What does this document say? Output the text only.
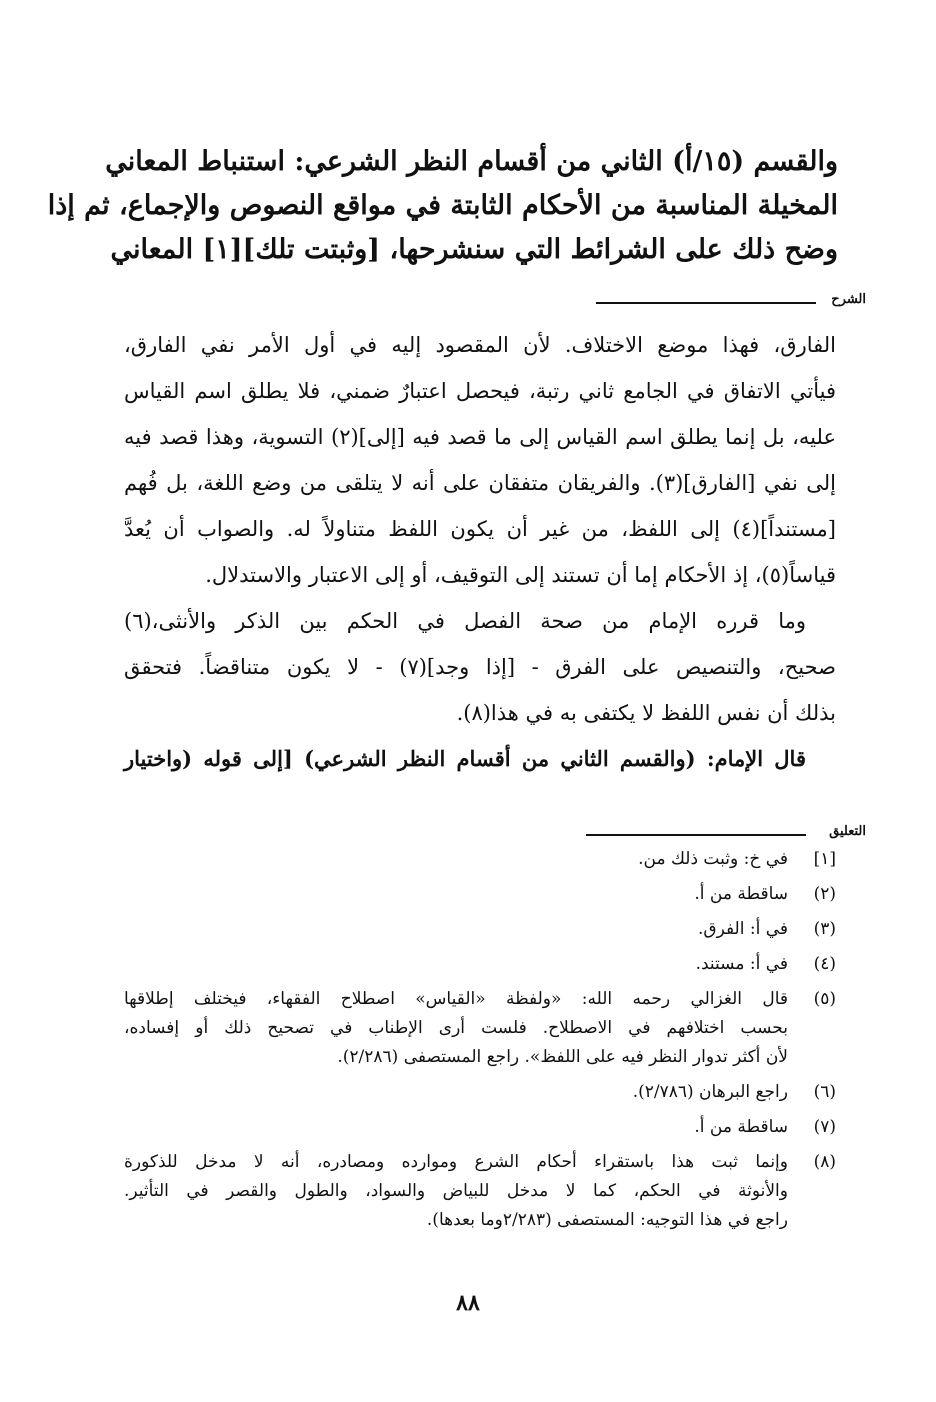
والقسم (١٥/أ) الثاني من أقسام النظر الشرعي: استنباط المعاني
المخيلة المناسبة من الأحكام الثابتة في مواقع النصوص والإجماع، ثم إذا
وضح ذلك على الشرائط التي سنشرحها، [وثبتت تلك][١] المعاني
الشرح
الفارق، فهذا موضع الاختلاف. لأن المقصود إليه في أول الأمر نفي الفارق،
فيأتي الاتفاق في الجامع ثاني رتبة، فيحصل اعتبارٌ ضمني، فلا يطلق اسم القياس
عليه، بل إنما يطلق اسم القياس إلى ما قصد فيه [إلى](٢) التسوية، وهذا قصد فيه
إلى نفي [الفارق](٣). والفريقان متفقان على أنه لا يتلقى من وضع اللغة، بل فُهم
[مستنداً](٤) إلى اللفظ، من غير أن يكون اللفظ متناولاً له. والصواب أن يُعدَّ
قياساً(٥)، إذ الأحكام إما أن تستند إلى التوقيف، أو إلى الاعتبار والاستدلال.
وما قرره الإمام من صحة الفصل في الحكم بين الذكر والأنثى،(٦)
صحيح، والتنصيص على الفرق - [إذا وجد](٧) - لا يكون متناقضاً. فتحقق
بذلك أن نفس اللفظ لا يكتفى به في هذا(٨).
قال الإمام: (والقسم الثاني من أقسام النظر الشرعي) [إلى قوله (واختيار
التعليق
[١]
في خ: وثبت ذلك من.
(٢)
ساقطة من أ.
(٣)
في أ: الفرق.
(٤)
في أ: مستند.
(٥)
قال الغزالي رحمه الله: «ولفظة «القياس» اصطلاح الفقهاء، فيختلف إطلاقها
بحسب اختلافهم في الاصطلاح. فلست أرى الإطناب في تصحيح ذلك أو إفساده،
لأن أكثر تدوار النظر فيه على اللفظ». راجع المستصفى (٢/٢٨٦).
(٦)
راجع البرهان (٢/٧٨٦).
(٧)
ساقطة من أ.
(٨)
وإنما ثبت هذا باستقراء أحكام الشرع وموارده ومصادره، أنه لا مدخل للذكورة
والأنوثة في الحكم، كما لا مدخل للبياض والسواد، والطول والقصر في التأثير.
راجع في هذا التوجيه: المستصفى (٢/٢٨٣وما بعدها).
٨٨
